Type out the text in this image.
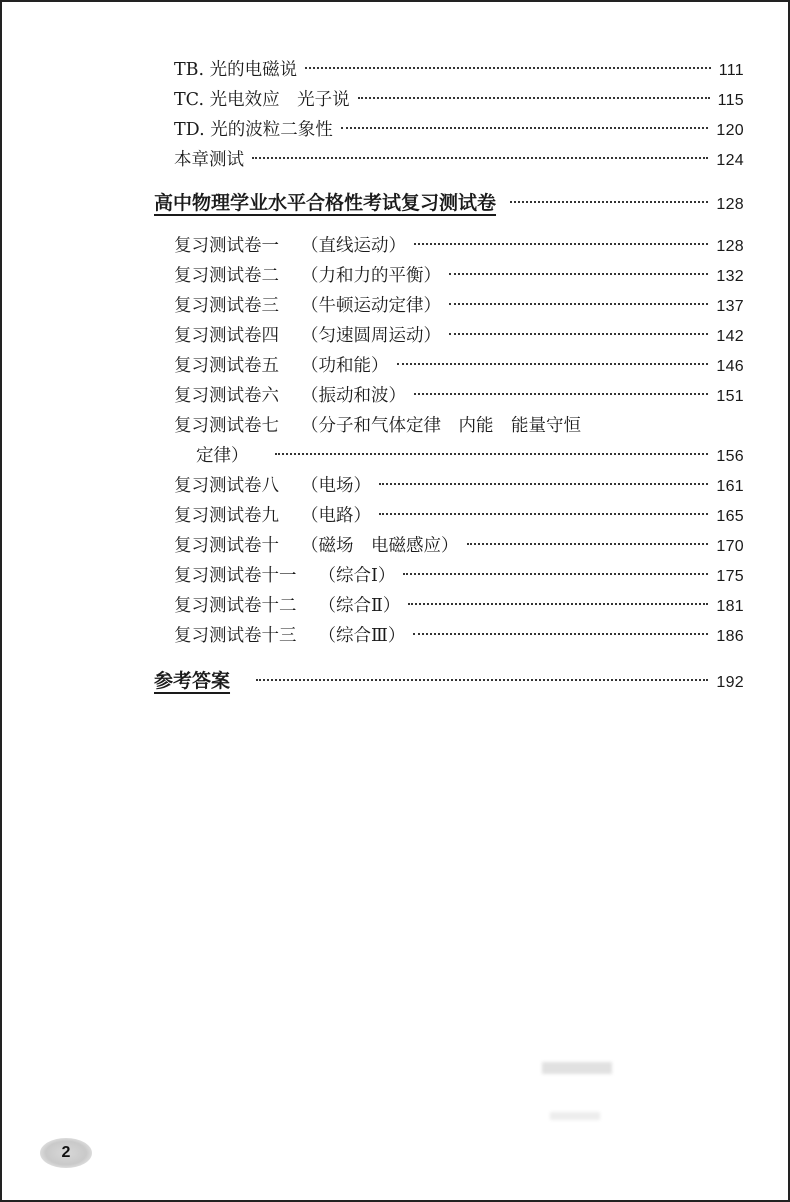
TB. 光的电磁说	111
TC. 光电效应　光子说	115
TD. 光的波粒二象性	120
本章测试	124
高中物理学业水平合格性考试复习测试卷	128
复习测试卷一 （直线运动）	128
复习测试卷二 （力和力的平衡）	132
复习测试卷三 （牛顿运动定律）	137
复习测试卷四 （匀速圆周运动）	142
复习测试卷五 （功和能）	146
复习测试卷六 （振动和波）	151
复习测试卷七 （分子和气体定律　内能　能量守恒
定律）	156
复习测试卷八 （电场）	161
复习测试卷九 （电路）	165
复习测试卷十 （磁场　电磁感应）	170
复习测试卷十一 （综合Ⅰ）	175
复习测试卷十二 （综合Ⅱ）	181
复习测试卷十三 （综合Ⅲ）	186
参考答案	192
2
